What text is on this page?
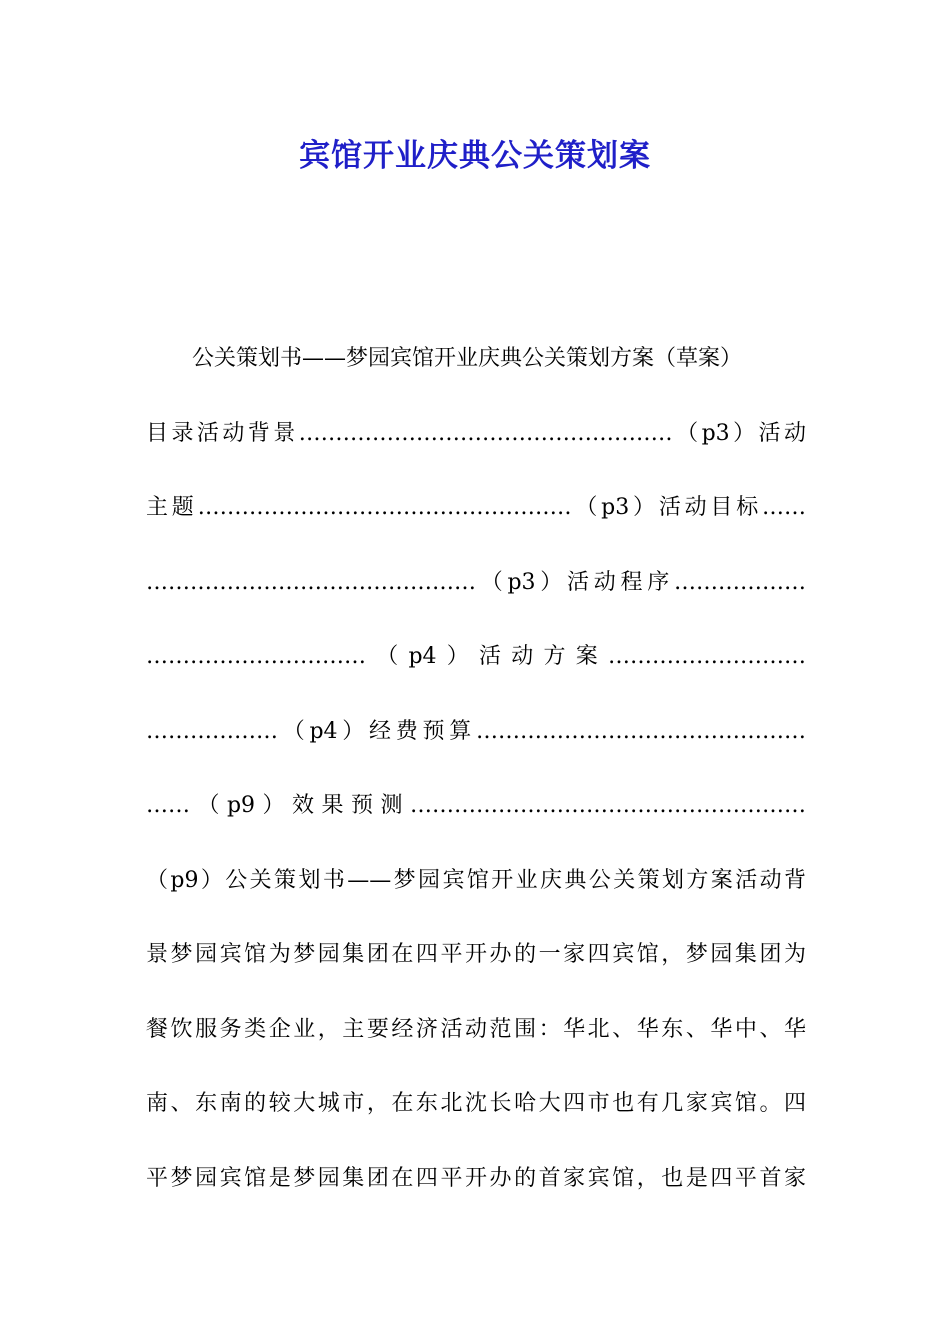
宾馆开业庆典公关策划案
公关策划书——梦园宾馆开业庆典公关策划方案（草案）
目录活动背景……………………………………………（p3）活动
主题……………………………………………（p3）活动目标……
………………………………………（p3）活动程序………………
…………………………（p4）活动方案………………………
………………（p4）经费预算………………………………………
……（p9）效果预测………………………………………………
（p9）公关策划书——梦园宾馆开业庆典公关策划方案活动背
景梦园宾馆为梦园集团在四平开办的一家四宾馆，梦园集团为
餐饮服务类企业，主要经济活动范围：华北、华东、华中、华
南、东南的较大城市，在东北沈长哈大四市也有几家宾馆。四
平梦园宾馆是梦园集团在四平开办的首家宾馆，也是四平首家
